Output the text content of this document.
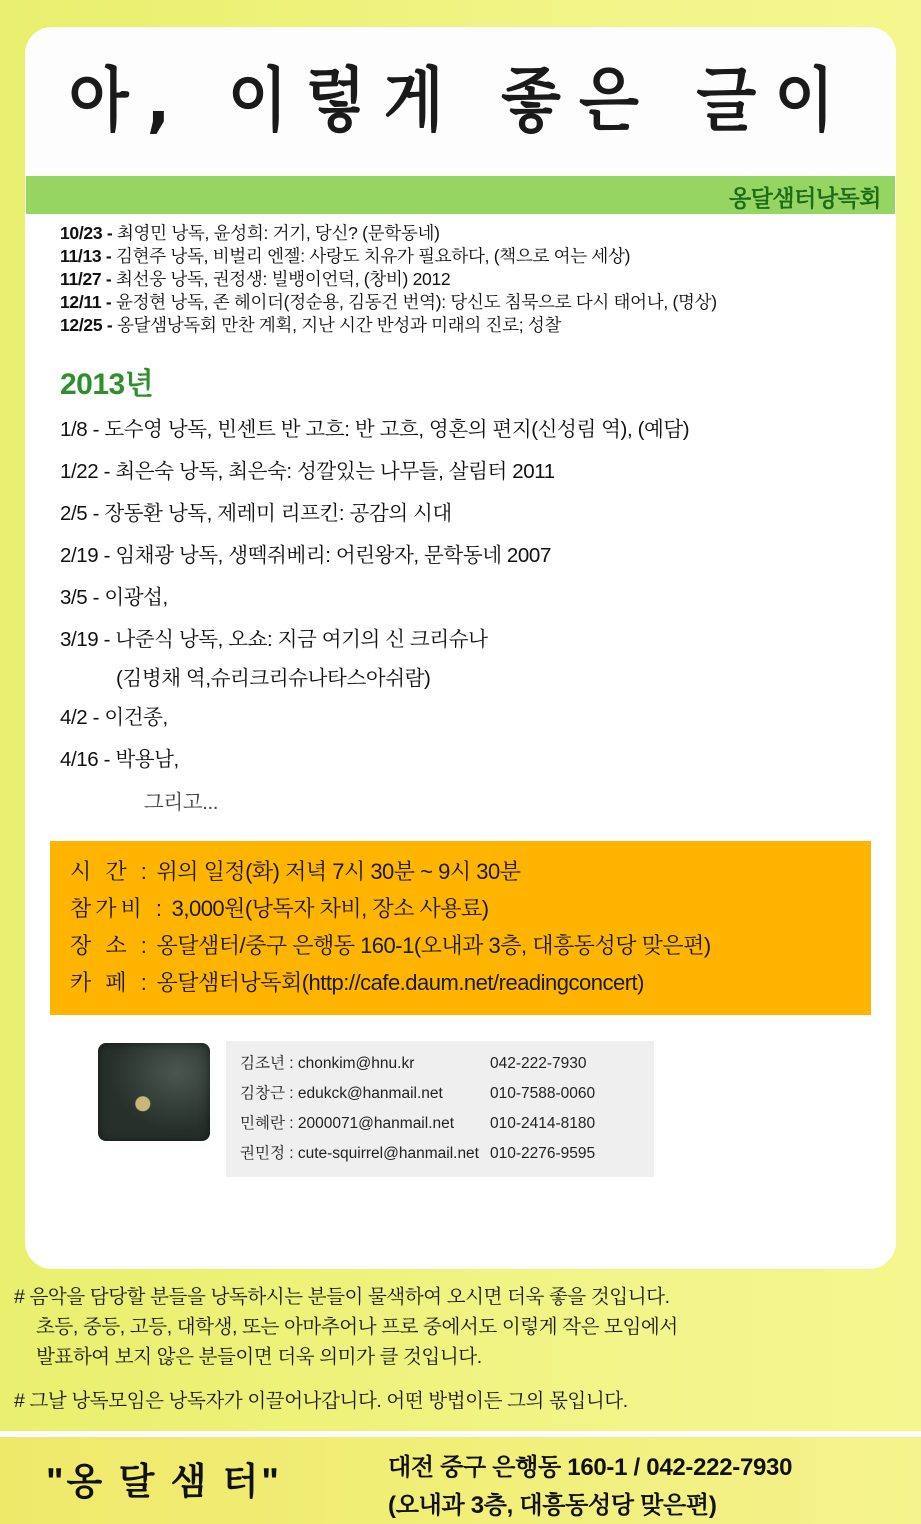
아, 이렇게 좋은 글이
옹달샘터낭독회
10/23 - 최영민 낭독, 윤성희: 거기, 당신? (문학동네)
11/13 - 김현주 낭독, 비벌리 엔젤: 사랑도 치유가 필요하다, (책으로 여는 세상)
11/27 - 최선웅 낭독, 권정생: 빌뱅이언덕, (창비) 2012
12/11 - 윤정현 낭독, 존 헤이더(정순용, 김동건 번역): 당신도 침묵으로 다시 태어나, (명상)
12/25 - 옹달샘낭독회 만찬 계획, 지난 시간 반성과 미래의 진로; 성찰
2013년
1/8 - 도수영 낭독, 빈센트 반 고흐: 반 고흐, 영혼의 편지(신성림 역), (예담)
1/22 - 최은숙 낭독, 최은숙: 성깔있는 나무들, 살림터 2011
2/5 - 장동환 낭독, 제레미 리프킨: 공감의 시대
2/19 - 임채광 낭독, 생떽쥐베리: 어린왕자, 문학동네 2007
3/5 - 이광섭,
3/19 - 나준식 낭독, 오쇼: 지금 여기의 신 크리슈나
(김병채 역,슈리크리슈나타스아쉬람)
4/2 - 이건종,
4/16 - 박용남,
그리고...
시 간 : 위의 일정(화) 저녁 7시 30분 ~ 9시 30분
참가비 : 3,000원(낭독자 차비, 장소 사용료)
장 소 : 옹달샘터/중구 은행동 160-1(오내과 3층, 대흥동성당 맞은편)
카 페 : 옹달샘터낭독회(http://cafe.daum.net/readingconcert)
김조년 : chonkim@hnu.kr	042-222-7930
김창근 : edukck@hanmail.net	010-7588-0060
민혜란 : 2000071@hanmail.net	010-2414-8180
권민정 : cute-squirrel@hanmail.net 010-2276-9595
# 음악을 담당할 분들을 낭독하시는 분들이 물색하여 오시면 더욱 좋을 것입니다.
초등, 중등, 고등, 대학생, 또는 아마추어나 프로 중에서도 이렇게 작은 모임에서
발표하여 보지 않은 분들이면 더욱 의미가 클 것입니다.
# 그날 낭독모임은 낭독자가 이끌어나갑니다. 어떤 방법이든 그의 몫입니다.
"옹 달 샘 터"	대전 중구 은행동 160-1 / 042-222-7930
(오내과 3층, 대흥동성당 맞은편)
